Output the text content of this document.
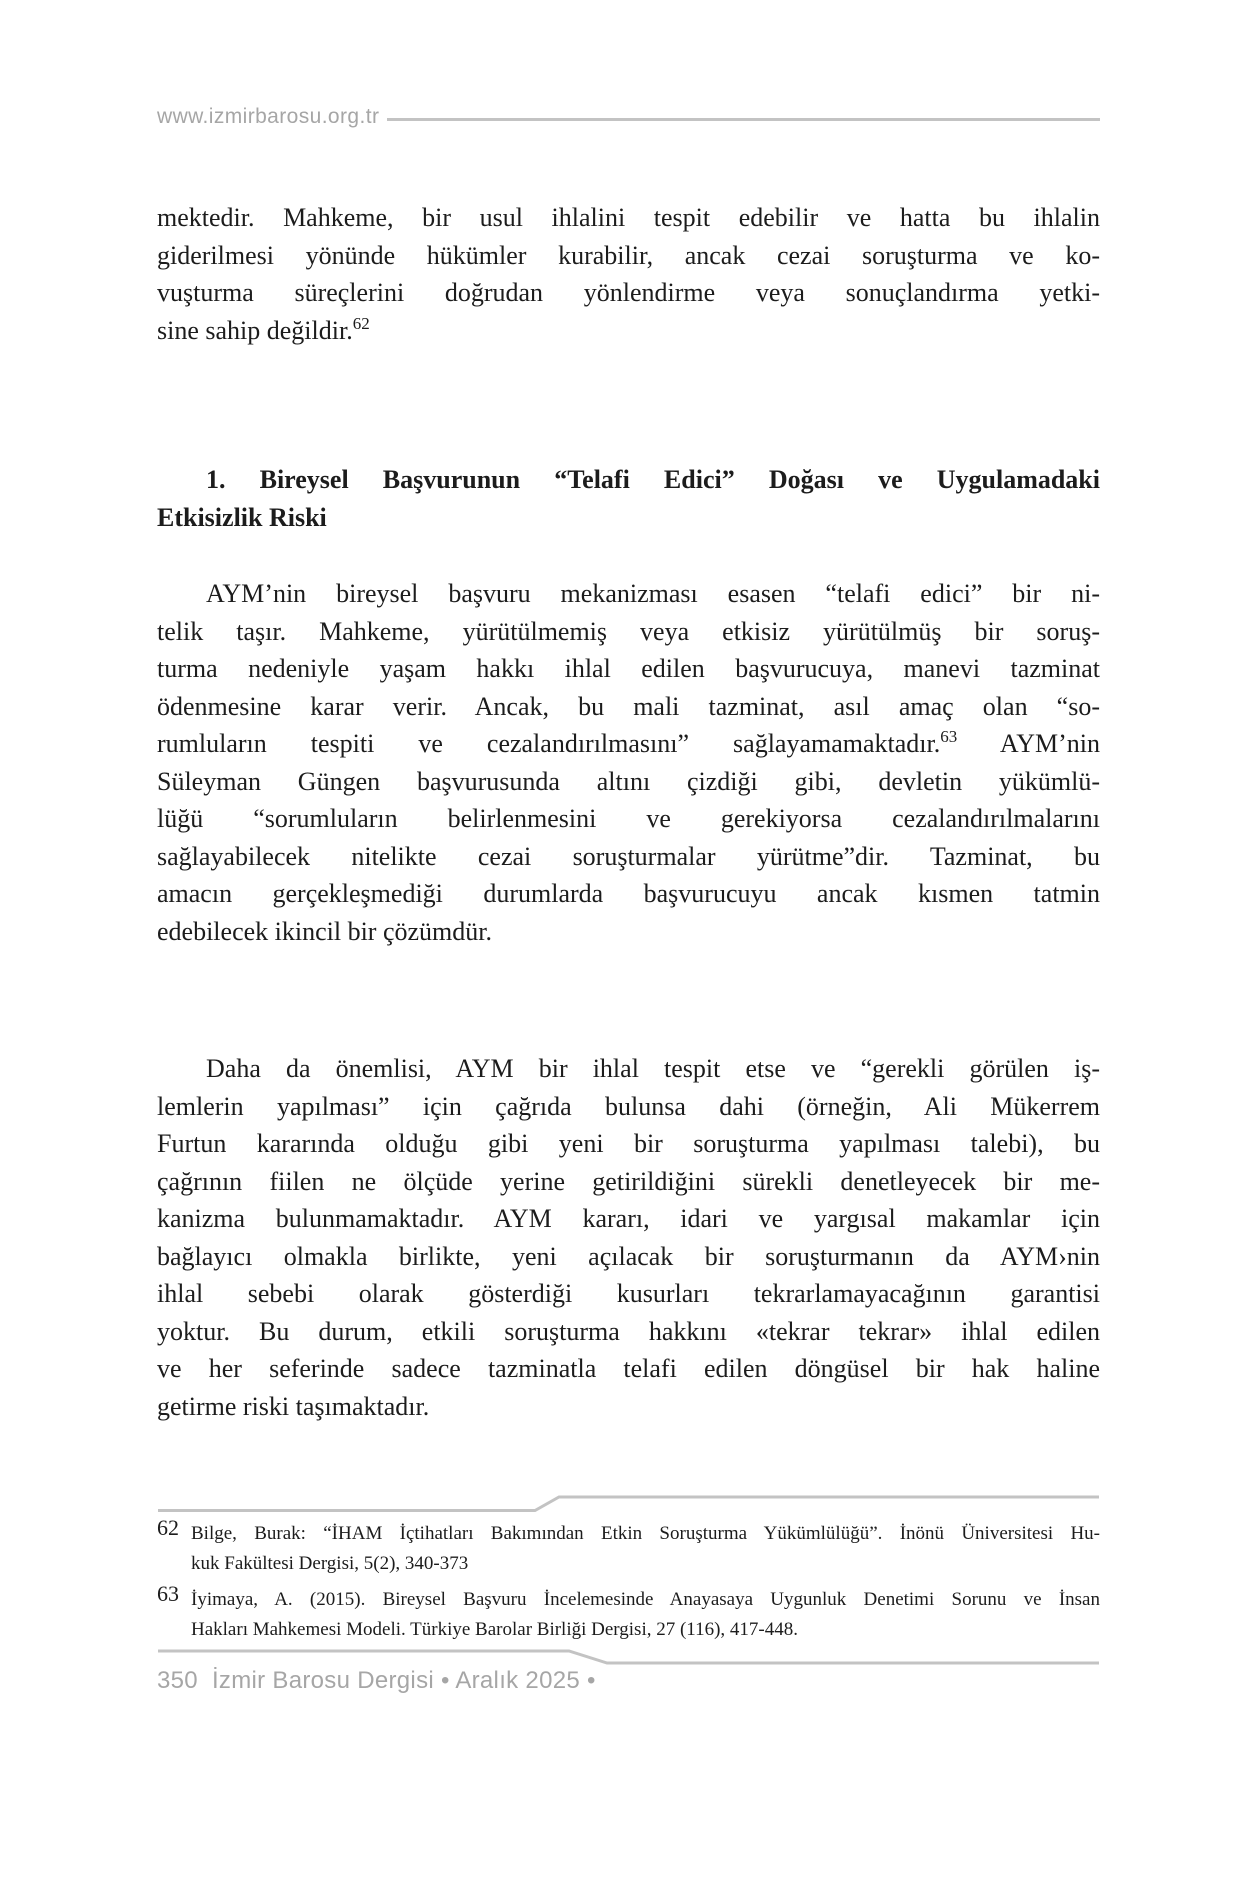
www.izmirbarosu.org.tr
mektedir. Mahkeme, bir usul ihlalini tespit edebilir ve hatta bu ihlalin
giderilmesi yönünde hükümler kurabilir, ancak cezai soruşturma ve ko-
vuşturma süreçlerini doğrudan yönlendirme veya sonuçlandırma yetki-
sine sahip değildir.$^{62}$
1. Bireysel Başvurunun “Telafi Edici” Doğası ve Uygulamadaki
Etkisizlik Riski
AYM’nin bireysel başvuru mekanizması esasen “telafi edici” bir ni-
telik taşır. Mahkeme, yürütülmemiş veya etkisiz yürütülmüş bir soruş-
turma nedeniyle yaşam hakkı ihlal edilen başvurucuya, manevi tazminat
ödenmesine karar verir. Ancak, bu mali tazminat, asıl amaç olan “so-
rumluların tespiti ve cezalandırılmasını” sağlayamamaktadır.$^{63}$ AYM’nin
Süleyman Güngen başvurusunda altını çizdiği gibi, devletin yükümlü-
lüğü “sorumluların belirlenmesini ve gerekiyorsa cezalandırılmalarını
sağlayabilecek nitelikte cezai soruşturmalar yürütme”dir. Tazminat, bu
amacın gerçekleşmediği durumlarda başvurucuyu ancak kısmen tatmin
edebilecek ikincil bir çözümdür.
Daha da önemlisi, AYM bir ihlal tespit etse ve “gerekli görülen iş-
lemlerin yapılması” için çağrıda bulunsa dahi (örneğin, Ali Mükerrem
Furtun kararında olduğu gibi yeni bir soruşturma yapılması talebi), bu
çağrının fiilen ne ölçüde yerine getirildiğini sürekli denetleyecek bir me-
kanizma bulunmamaktadır. AYM kararı, idari ve yargısal makamlar için
bağlayıcı olmakla birlikte, yeni açılacak bir soruşturmanın da AYM›nin
ihlal sebebi olarak gösterdiği kusurları tekrarlamayacağının garantisi
yoktur. Bu durum, etkili soruşturma hakkını «tekrar tekrar» ihlal edilen
ve her seferinde sadece tazminatla telafi edilen döngüsel bir hak haline
getirme riski taşımaktadır.
62 Bilge, Burak: “İHAM İçtihatları Bakımından Etkin Soruşturma Yükümlülüğü”. İnönü Üniversitesi Hu-
kuk Fakültesi Dergisi, 5(2), 340-373
63 İyimaya, A. (2015). Bireysel Başvuru İncelemesinde Anayasaya Uygunluk Denetimi Sorunu ve İnsan
Hakları Mahkemesi Modeli. Türkiye Barolar Birliği Dergisi, 27 (116), 417-448.
350 İzmir Barosu Dergisi • Aralık 2025 •
